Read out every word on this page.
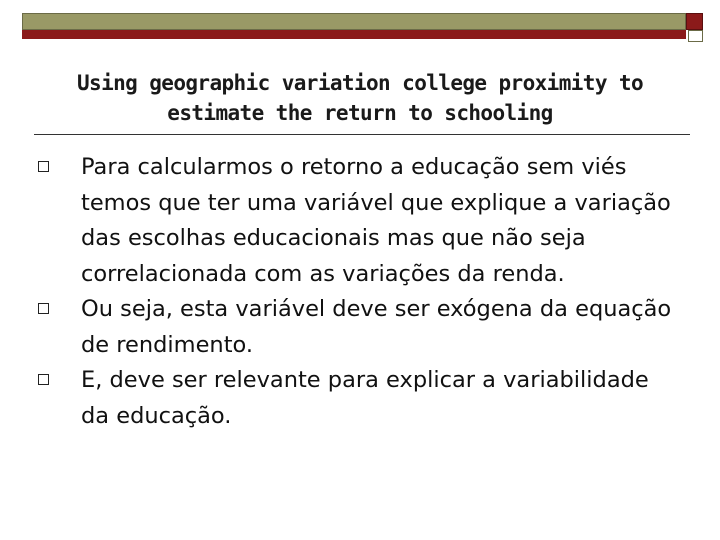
Using geographic variation college proximity to estimate the return to schooling
Para calcularmos o retorno a educação sem viés temos que ter uma variável que explique a variação das escolhas educacionais mas que não seja correlacionada com as variações da renda.
Ou seja, esta variável deve ser exógena da equação de rendimento.
E, deve ser relevante para explicar a variabilidade da educação.
